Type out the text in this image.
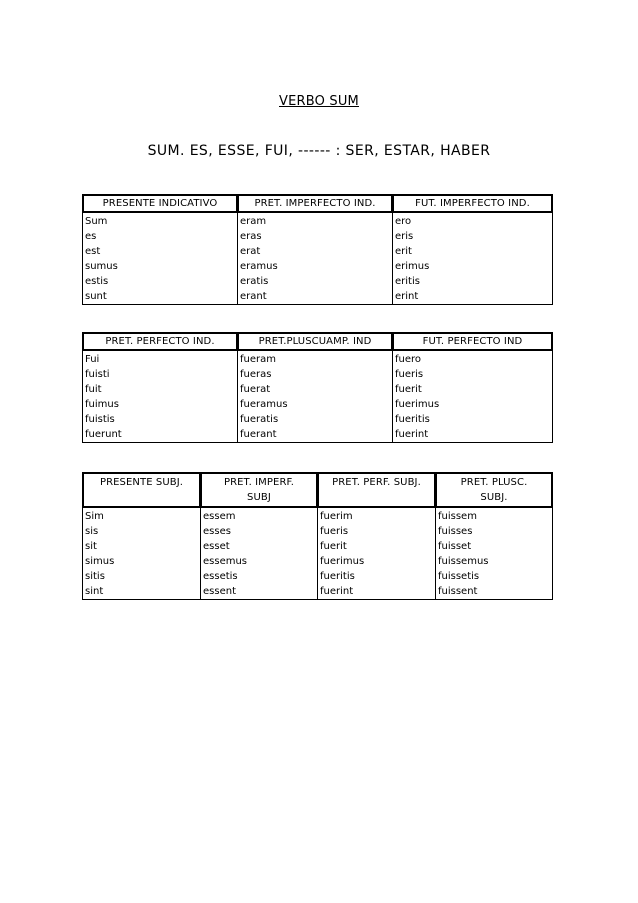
VERBO SUM
SUM. ES, ESSE, FUI, ------ : SER, ESTAR, HABER
PRESENTE INDICATIVO	PRET. IMPERFECTO IND.	FUT. IMPERFECTO IND.
Sum	eram	ero
es	eras	eris
est	erat	erit
sumus	eramus	erimus
estis	eratis	eritis
sunt	erant	erint
PRET. PERFECTO IND.	PRET.PLUSCUAMP. IND	FUT. PERFECTO IND
Fui	fueram	fuero
fuisti	fueras	fueris
fuit	fuerat	fuerit
fuimus	fueramus	fuerimus
fuistis	fueratis	fueritis
fuerunt	fuerant	fuerint
PRESENTE SUBJ.	PRET. IMPERF. SUBJ	PRET. PERF. SUBJ.	PRET. PLUSC. SUBJ.
Sim	essem	fuerim	fuissem
sis	esses	fueris	fuisses
sit	esset	fuerit	fuisset
simus	essemus	fuerimus	fuissemus
sitis	essetis	fueritis	fuissetis
sint	essent	fuerint	fuissent
